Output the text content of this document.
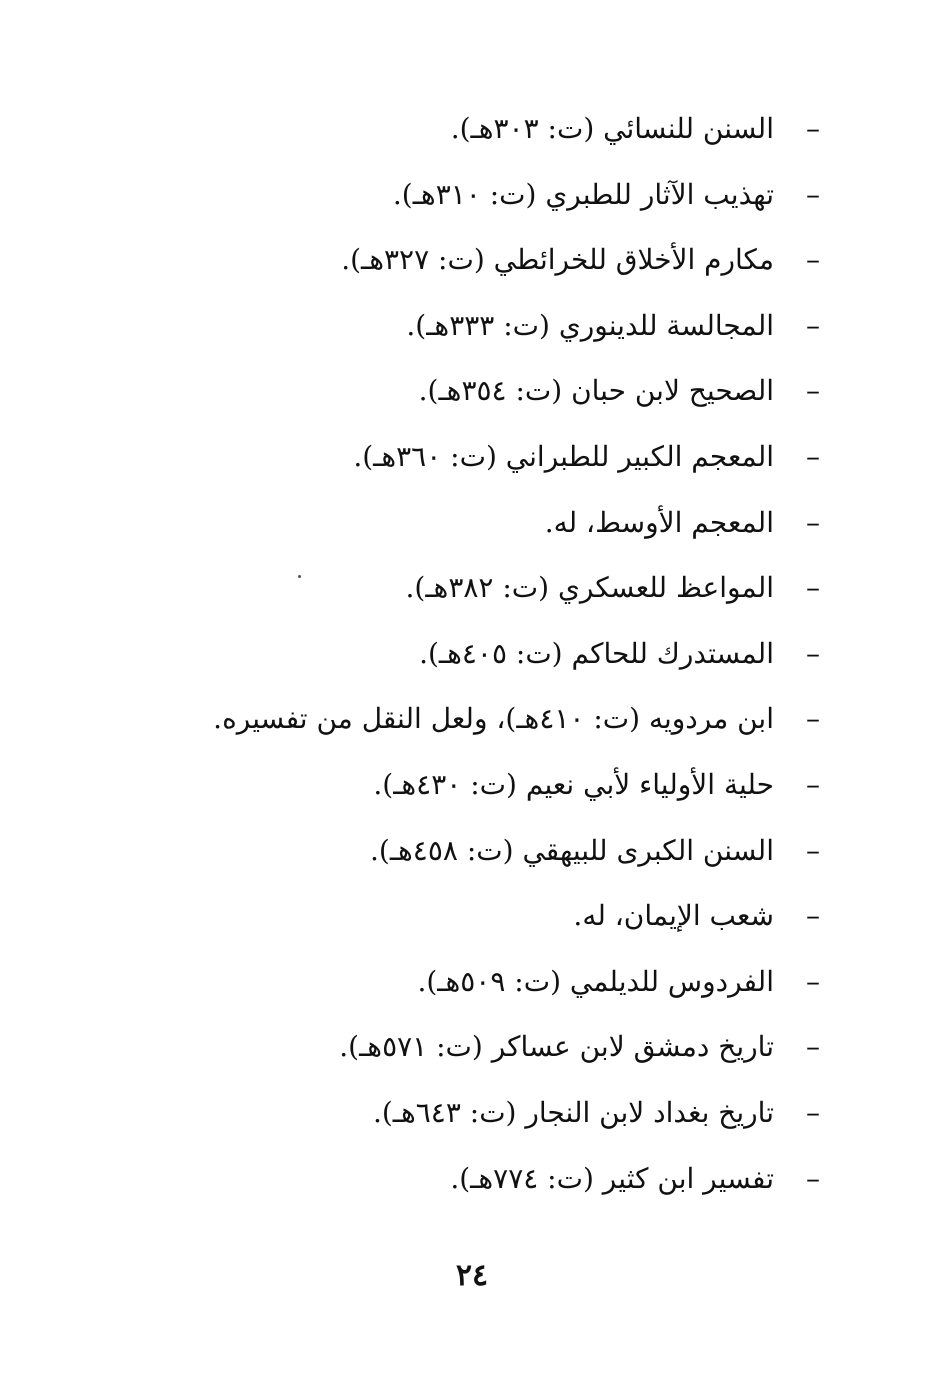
–السنن للنسائي (ت: ٣٠٣هـ).
–تهذيب الآثار للطبري (ت: ٣١٠هـ).
–مكارم الأخلاق للخرائطي (ت: ٣٢٧هـ).
–المجالسة للدينوري (ت: ٣٣٣هـ).
–الصحيح لابن حبان (ت: ٣٥٤هـ).
–المعجم الكبير للطبراني (ت: ٣٦٠هـ).
–المعجم الأوسط، له.
–المواعظ للعسكري (ت: ٣٨٢هـ).
–المستدرك للحاكم (ت: ٤٠٥هـ).
–ابن مردويه (ت: ٤١٠هـ)، ولعل النقل من تفسيره.
–حلية الأولياء لأبي نعيم (ت: ٤٣٠هـ).
–السنن الكبرى للبيهقي (ت: ٤٥٨هـ).
–شعب الإيمان، له.
–الفردوس للديلمي (ت: ٥٠٩هـ).
–تاريخ دمشق لابن عساكر (ت: ٥٧١هـ).
–تاريخ بغداد لابن النجار (ت: ٦٤٣هـ).
–تفسير ابن كثير (ت: ٧٧٤هـ).
٢٤
